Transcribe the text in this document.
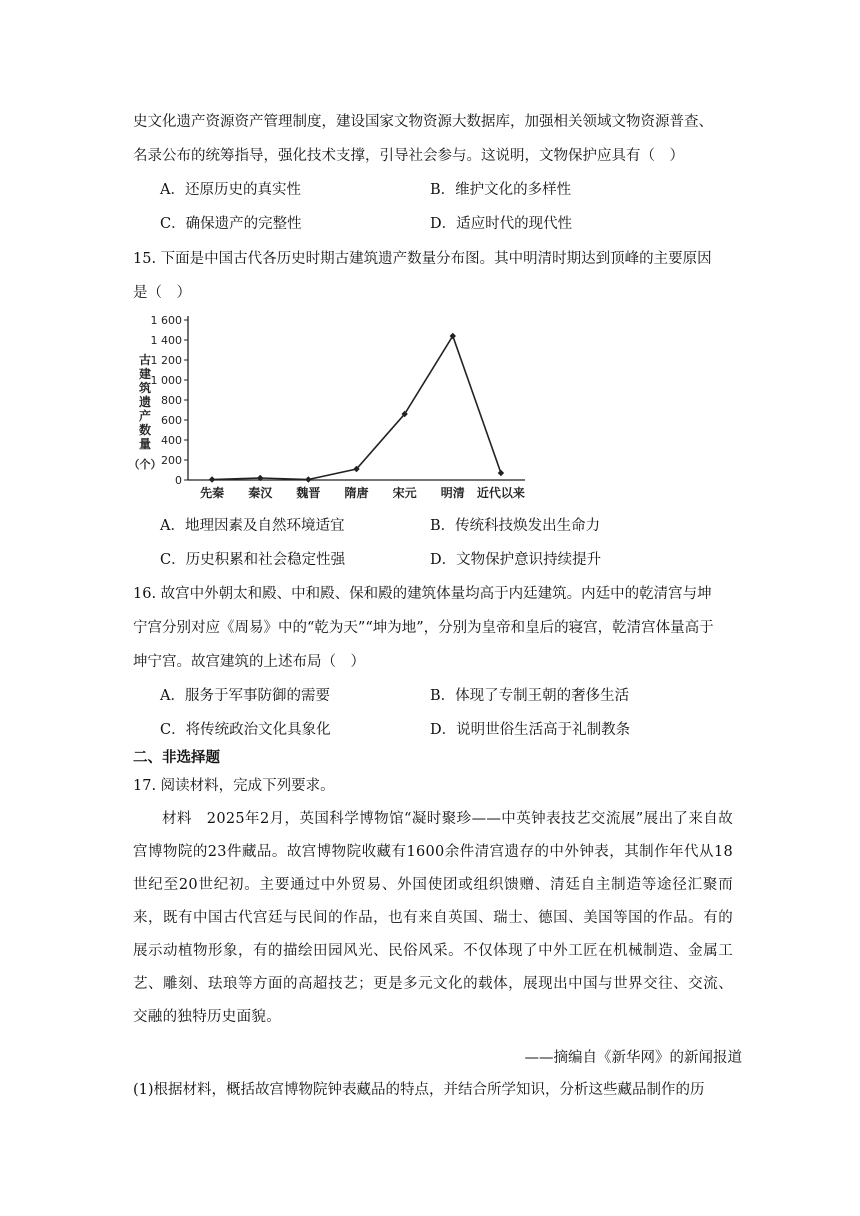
史文化遗产资源资产管理制度，建设国家文物资源大数据库，加强相关领域文物资源普查、
名录公布的统筹指导，强化技术支撑，引导社会参与。这说明，文物保护应具有（　）
A．还原历史的真实性	B．维护文化的多样性
C．确保遗产的完整性	D．适应时代的现代性
15. 下面是中国古代各历史时期古建筑遗产数量分布图。其中明清时期达到顶峰的主要原因
是（　）
古
建
筑
遗
产
数
量
（个）
0
200
400
600
800
1 000
1 200
1 400
1 600
先秦 秦汉 魏晋 隋唐 宋元 明清 近代以来
A．地理因素及自然环境适宜	B．传统科技焕发出生命力
C．历史积累和社会稳定性强	D．文物保护意识持续提升
16. 故宫中外朝太和殿、中和殿、保和殿的建筑体量均高于内廷建筑。内廷中的乾清宫与坤
宁宫分别对应《周易》中的“乾为天”“坤为地”，分别为皇帝和皇后的寝宫，乾清宫体量高于
坤宁宫。故宫建筑的上述布局（　）
A．服务于军事防御的需要	B．体现了专制王朝的奢侈生活
C．将传统政治文化具象化	D．说明世俗生活高于礼制教条
二、非选择题
17. 阅读材料，完成下列要求。
材料　2025年2月，英国科学博物馆“凝时聚珍——中英钟表技艺交流展”展出了来自故宫博物院的23件藏品。故宫博物院收藏有1600余件清宫遗存的中外钟表，其制作年代从18世纪至20世纪初。主要通过中外贸易、外国使团或组织馈赠、清廷自主制造等途径汇聚而来，既有中国古代宫廷与民间的作品，也有来自英国、瑞士、德国、美国等国的作品。有的展示动植物形象，有的描绘田园风光、民俗风采。不仅体现了中外工匠在机械制造、金属工艺、雕刻、珐琅等方面的高超技艺；更是多元文化的载体，展现出中国与世界交往、交流、交融的独特历史面貌。
——摘编自《新华网》的新闻报道
(1)根据材料，概括故宫博物院钟表藏品的特点，并结合所学知识，分析这些藏品制作的历
